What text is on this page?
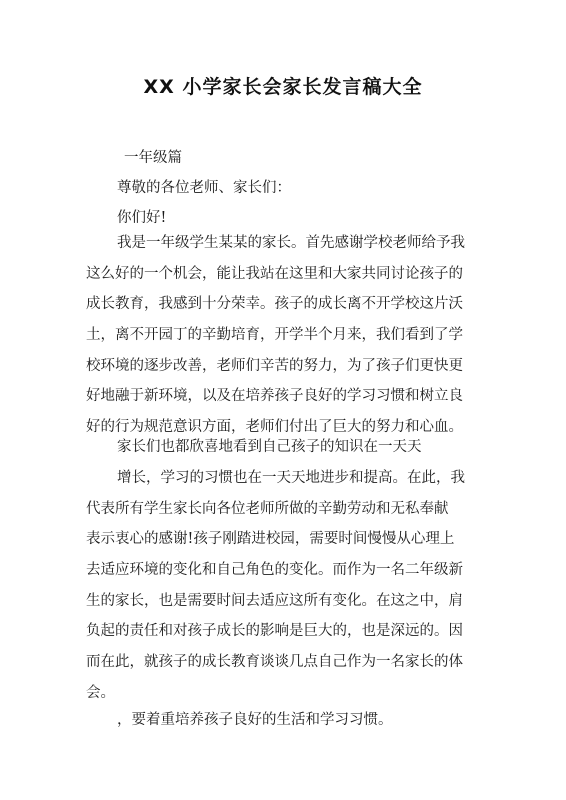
XX 小学家长会家长发言稿大全
一年级篇
尊敬的各位老师、家长们：
你们好!
我是一年级学生某某的家长。首先感谢学校老师给予我
这么好的一个机会，能让我站在这里和大家共同讨论孩子的
成长教育，我感到十分荣幸。孩子的成长离不开学校这片沃
土，离不开园丁的辛勤培育，开学半个月来，我们看到了学
校环境的逐步改善，老师们辛苦的努力，为了孩子们更快更
好地融于新环境，以及在培养孩子良好的学习习惯和树立良
好的行为规范意识方面，老师们付出了巨大的努力和心血。
家长们也都欣喜地看到自己孩子的知识在一天天
增长，学习的习惯也在一天天地进步和提高。在此，我
代表所有学生家长向各位老师所做的辛勤劳动和无私奉献
表示衷心的感谢!孩子刚踏进校园，需要时间慢慢从心理上
去适应环境的变化和自己角色的变化。而作为一名二年级新
生的家长，也是需要时间去适应这所有变化。在这之中，肩
负起的责任和对孩子成长的影响是巨大的，也是深远的。因
而在此，就孩子的成长教育谈谈几点自己作为一名家长的体
会。
，要着重培养孩子良好的生活和学习习惯。
